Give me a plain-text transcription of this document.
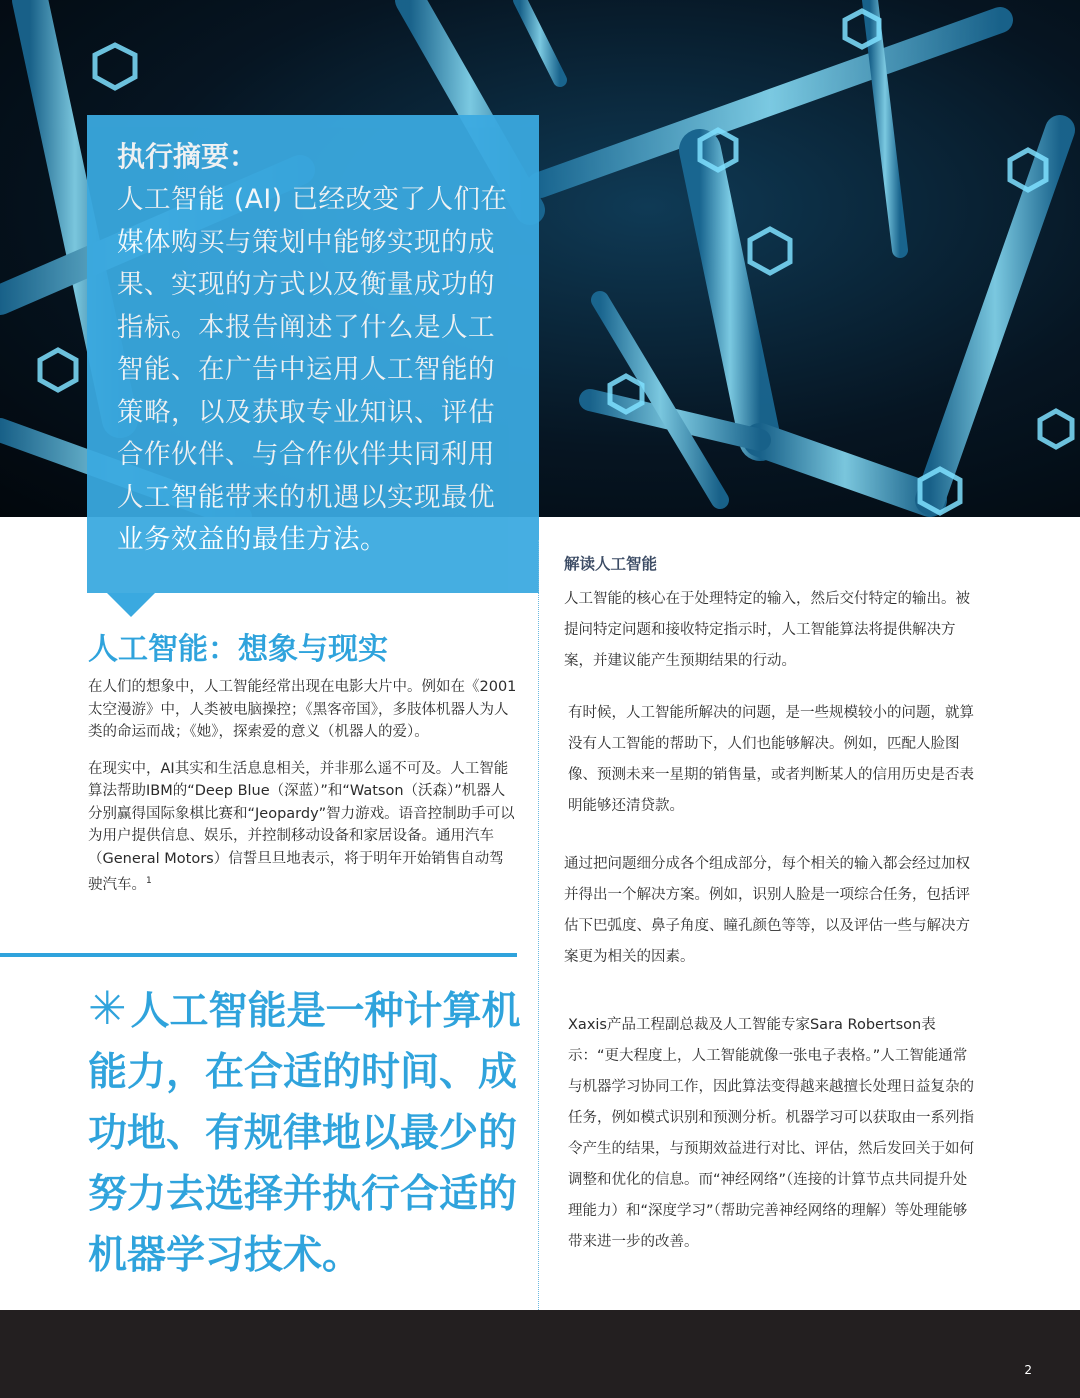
执行摘要：
人工智能 (AI) 已经改变了人们在媒体购买与策划中能够实现的成果、实现的方式以及衡量成功的指标。本报告阐述了什么是人工智能、在广告中运用人工智能的策略，以及获取专业知识、评估合作伙伴、与合作伙伴共同利用人工智能带来的机遇以实现最优业务效益的最佳方法。
人工智能：想象与现实

在人们的想象中，人工智能经常出现在电影大片中。例如在《2001太空漫游》中，人类被电脑操控；《黑客帝国》，多肢体机器人为人类的命运而战；《她》，探索爱的意义（机器人的爱）。

在现实中，AI其实和生活息息相关，并非那么遥不可及。人工智能算法帮助IBM的“Deep Blue（深蓝）”和“Watson（沃森）”机器人分别赢得国际象棋比赛和“Jeopardy”智力游戏。语音控制助手可以为用户提供信息、娱乐，并控制移动设备和家居设备。通用汽车（General Motors）信誓旦旦地表示，将于明年开始销售自动驾驶汽车。$^1$

✳ 人工智能是一种计算机能力，在合适的时间、成功地、有规律地以最少的努力去选择并执行合适的机器学习技术。
解读人工智能

人工智能的核心在于处理特定的输入，然后交付特定的输出。被提问特定问题和接收特定指示时，人工智能算法将提供解决方案，并建议能产生预期结果的行动。

有时候，人工智能所解决的问题，是一些规模较小的问题，就算没有人工智能的帮助下，人们也能够解决。例如，匹配人脸图像、预测未来一星期的销售量，或者判断某人的信用历史是否表明能够还清贷款。

通过把问题细分成各个组成部分，每个相关的输入都会经过加权并得出一个解决方案。例如，识别人脸是一项综合任务，包括评估下巴弧度、鼻子角度、瞳孔颜色等等，以及评估一些与解决方案更为相关的因素。

Xaxis产品工程副总裁及人工智能专家Sara Robertson表示：“更大程度上，人工智能就像一张电子表格。”人工智能通常与机器学习协同工作，因此算法变得越来越擅长处理日益复杂的任务，例如模式识别和预测分析。机器学习可以获取由一系列指令产生的结果，与预期效益进行对比、评估，然后发回关于如何调整和优化的信息。而“神经网络”（连接的计算节点共同提升处理能力）和“深度学习”（帮助完善神经网络的理解）等处理能够带来进一步的改善。

2
